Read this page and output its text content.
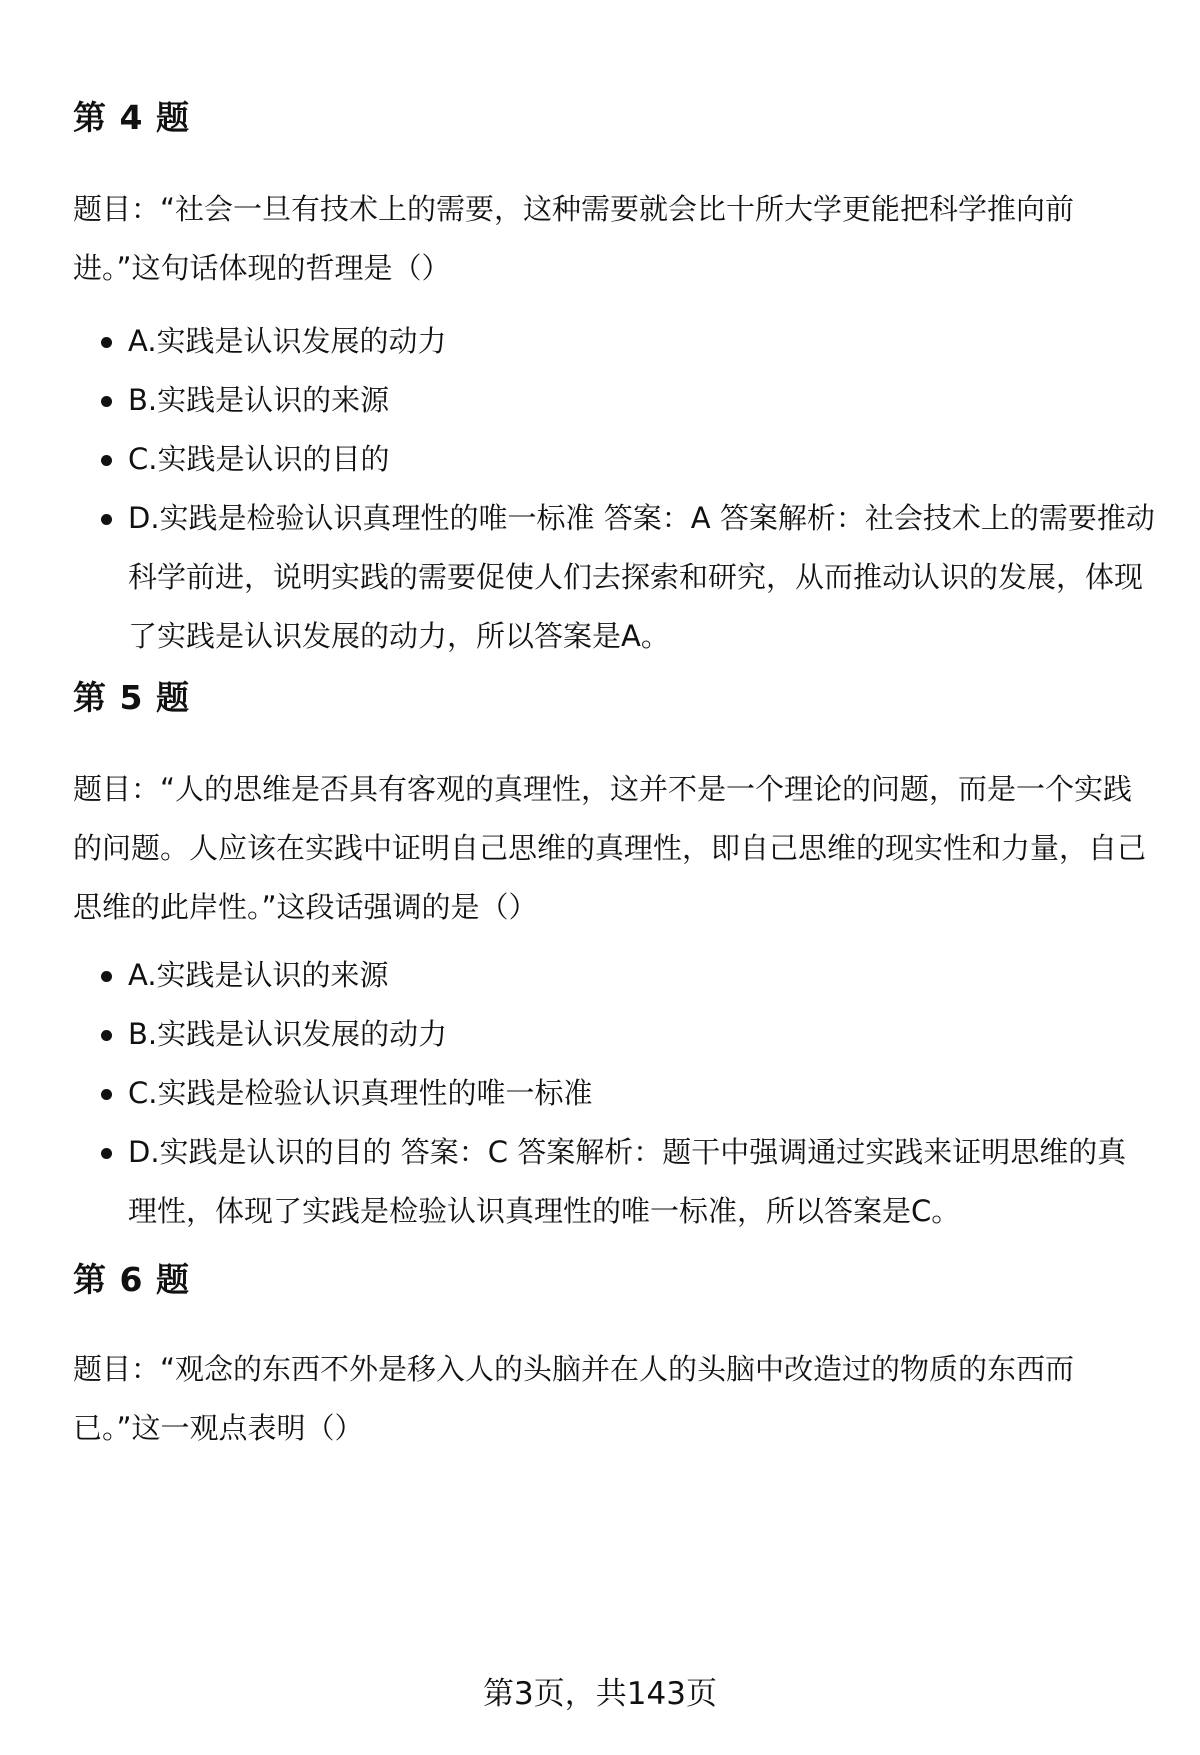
第 4 题

题目：“社会一旦有技术上的需要，这种需要就会比十所大学更能把科学推向前进。”这句话体现的哲理是（）

A.实践是认识发展的动力
B.实践是认识的来源
C.实践是认识的目的
D.实践是检验认识真理性的唯一标准 答案：A 答案解析：社会技术上的需要推动科学前进，说明实践的需要促使人们去探索和研究，从而推动认识的发展，体现了实践是认识发展的动力，所以答案是A。
第 5 题

题目：“人的思维是否具有客观的真理性，这并不是一个理论的问题，而是一个实践的问题。人应该在实践中证明自己思维的真理性，即自己思维的现实性和力量，自己思维的此岸性。”这段话强调的是（）

A.实践是认识的来源
B.实践是认识发展的动力
C.实践是检验认识真理性的唯一标准
D.实践是认识的目的 答案：C 答案解析：题干中强调通过实践来证明思维的真理性，体现了实践是检验认识真理性的唯一标准，所以答案是C。
第 6 题

题目：“观念的东西不外是移入人的头脑并在人的头脑中改造过的物质的东西而已。”这一观点表明（）

第3页，共143页
